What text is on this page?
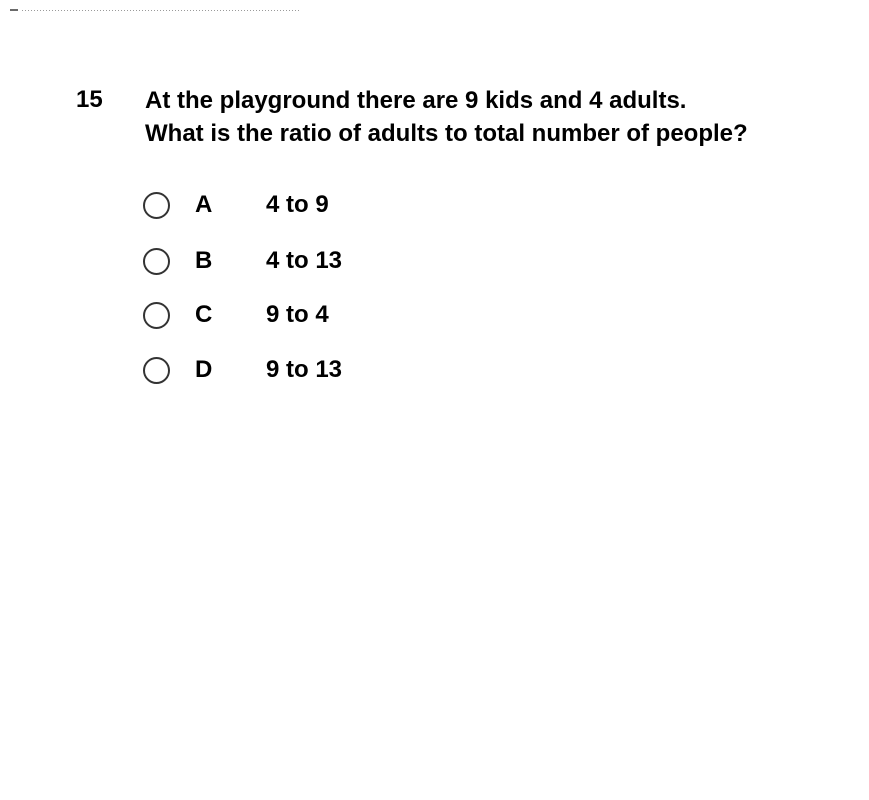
15 At the playground there are 9 kids and 4 adults.
What is the ratio of adults to total number of people?
A 4 to 9
B 4 to 13
C 9 to 4
D 9 to 13
